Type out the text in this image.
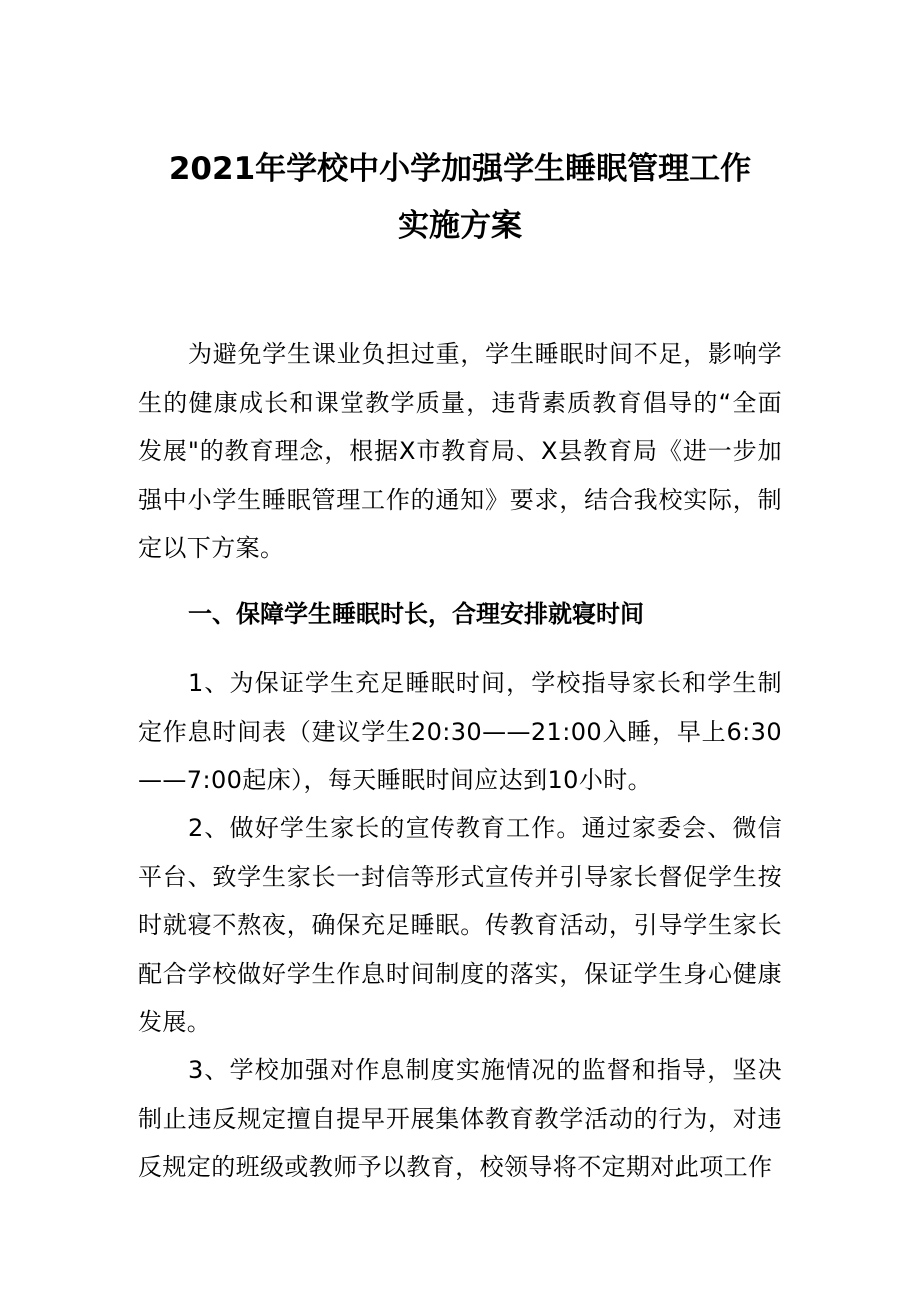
2021年学校中小学加强学生睡眠管理工作
实施方案

为避免学生课业负担过重，学生睡眠时间不足，影响学生的健康成长和课堂教学质量，违背素质教育倡导的“全面发展"的教育理念，根据X市教育局、X县教育局《进一步加强中小学生睡眠管理工作的通知》要求，结合我校实际，制定以下方案。

一、保障学生睡眠时长，合理安排就寝时间

1、为保证学生充足睡眠时间，学校指导家长和学生制定作息时间表（建议学生20:30——21:00入睡，早上6:30——7:00起床），每天睡眠时间应达到10小时。

2、做好学生家长的宣传教育工作。通过家委会、微信平台、致学生家长一封信等形式宣传并引导家长督促学生按时就寝不熬夜，确保充足睡眠。传教育活动，引导学生家长配合学校做好学生作息时间制度的落实，保证学生身心健康发展。

3、学校加强对作息制度实施情况的监督和指导，坚决制止违反规定擅自提早开展集体教育教学活动的行为，对违反规定的班级或教师予以教育，校领导将不定期对此项工作
